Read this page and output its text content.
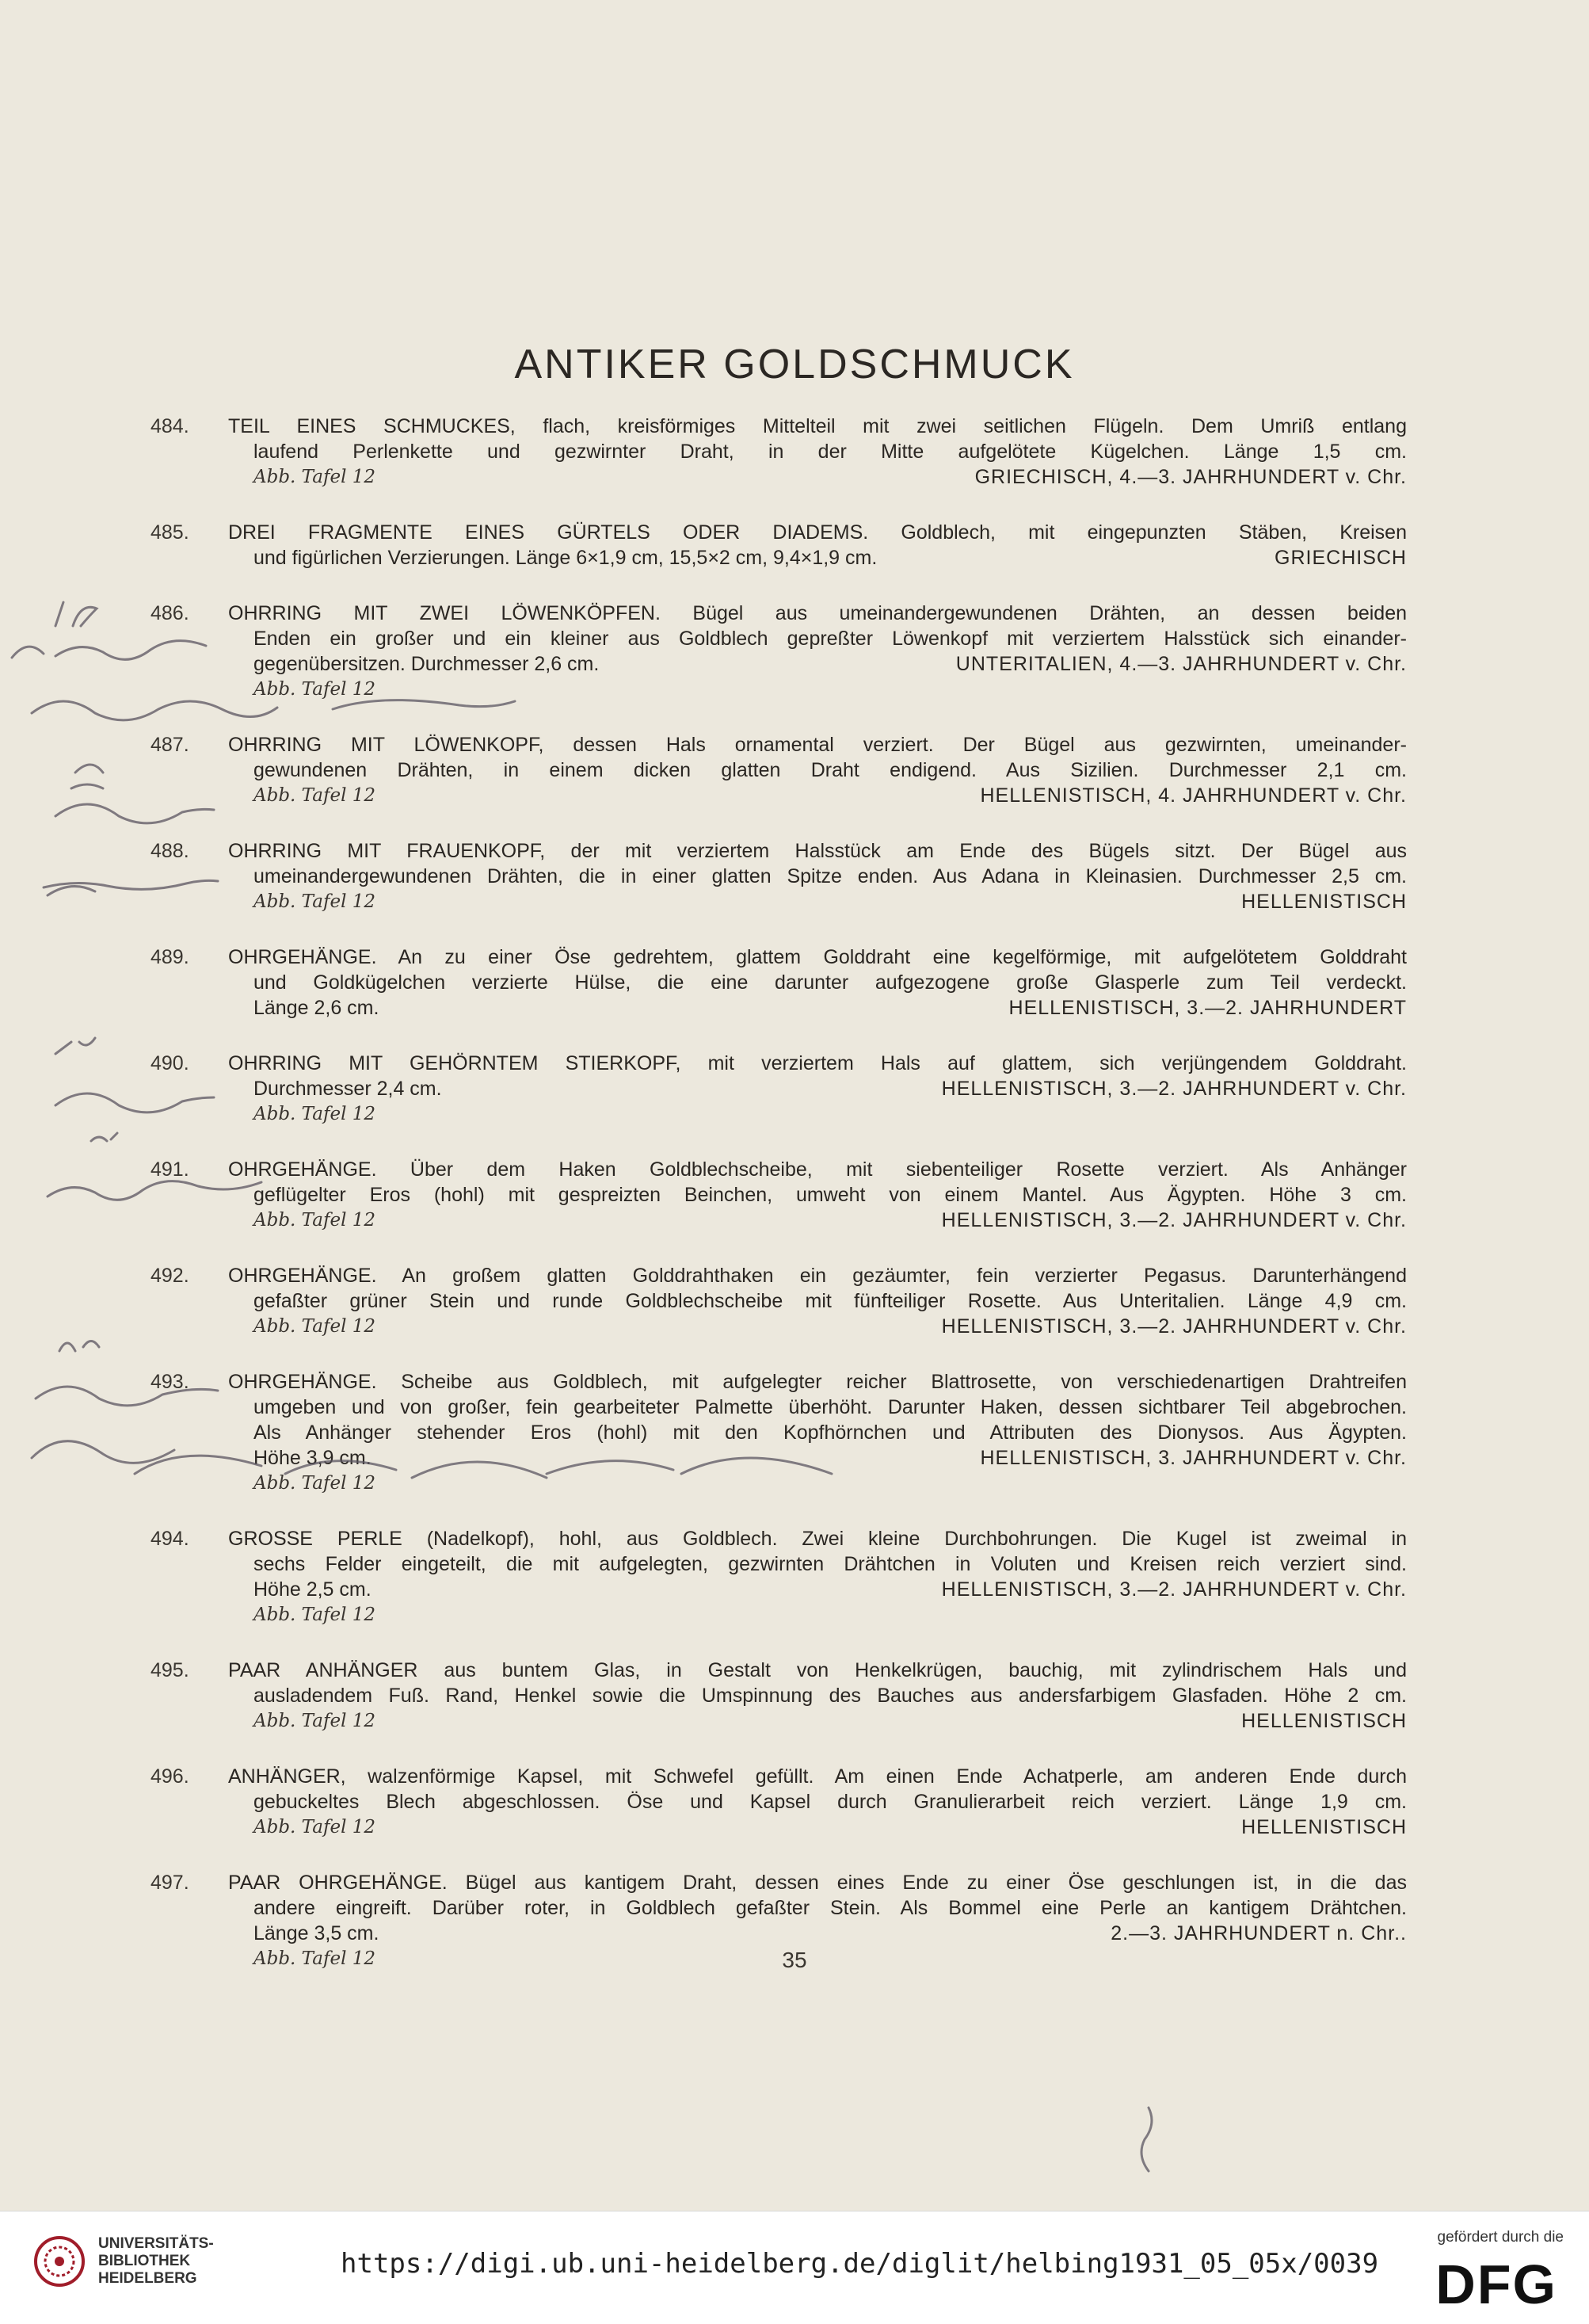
ANTIKER GOLDSCHMUCK
484.	TEIL EINES SCHMUCKES, flach, kreisförmiges Mittelteil mit zwei seitlichen Flügeln. Dem Umriß entlang
laufend Perlenkette und gezwirnter Draht, in der Mitte aufgelötete Kügelchen. Länge 1,5 cm.
Abb. Tafel 12	GRIECHISCH, 4.—3. JAHRHUNDERT v. Chr.
485.	DREI FRAGMENTE EINES GÜRTELS ODER DIADEMS. Goldblech, mit eingepunzten Stäben, Kreisen
und figürlichen Verzierungen. Länge 6×1,9 cm, 15,5×2 cm, 9,4×1,9 cm.	GRIECHISCH
486.	OHRRING MIT ZWEI LÖWENKÖPFEN. Bügel aus umeinandergewundenen Drähten, an dessen beiden
Enden ein großer und ein kleiner aus Goldblech gepreßter Löwenkopf mit verziertem Halsstück sich einander-
gegenübersitzen. Durchmesser 2,6 cm.	UNTERITALIEN, 4.—3. JAHRHUNDERT v. Chr.
Abb. Tafel 12
487.	OHRRING MIT LÖWENKOPF, dessen Hals ornamental verziert. Der Bügel aus gezwirnten, umeinander-
gewundenen Drähten, in einem dicken glatten Draht endigend. Aus Sizilien. Durchmesser 2,1 cm.
Abb. Tafel 12	HELLENISTISCH, 4. JAHRHUNDERT v. Chr.
488.	OHRRING MIT FRAUENKOPF, der mit verziertem Halsstück am Ende des Bügels sitzt. Der Bügel aus
umeinandergewundenen Drähten, die in einer glatten Spitze enden. Aus Adana in Kleinasien. Durchmesser 2,5 cm.
Abb. Tafel 12	HELLENISTISCH
489.	OHRGEHÄNGE. An zu einer Öse gedrehtem, glattem Golddraht eine kegelförmige, mit aufgelötetem Golddraht
und Goldkügelchen verzierte Hülse, die eine darunter aufgezogene große Glasperle zum Teil verdeckt.
Länge 2,6 cm.	HELLENISTISCH, 3.—2. JAHRHUNDERT
490.	OHRRING MIT GEHÖRNTEM STIERKOPF, mit verziertem Hals auf glattem, sich verjüngendem Golddraht.
Durchmesser 2,4 cm.	HELLENISTISCH, 3.—2. JAHRHUNDERT v. Chr.
Abb. Tafel 12
491.	OHRGEHÄNGE. Über dem Haken Goldblechscheibe, mit siebenteiliger Rosette verziert. Als Anhänger
geflügelter Eros (hohl) mit gespreizten Beinchen, umweht von einem Mantel. Aus Ägypten. Höhe 3 cm.
Abb. Tafel 12	HELLENISTISCH, 3.—2. JAHRHUNDERT v. Chr.
492.	OHRGEHÄNGE. An großem glatten Golddrahthaken ein gezäumter, fein verzierter Pegasus. Darunterhängend
gefaßter grüner Stein und runde Goldblechscheibe mit fünfteiliger Rosette. Aus Unteritalien. Länge 4,9 cm.
Abb. Tafel 12	HELLENISTISCH, 3.—2. JAHRHUNDERT v. Chr.
493.	OHRGEHÄNGE. Scheibe aus Goldblech, mit aufgelegter reicher Blattrosette, von verschiedenartigen Drahtreifen
umgeben und von großer, fein gearbeiteter Palmette überhöht. Darunter Haken, dessen sichtbarer Teil abgebrochen.
Als Anhänger stehender Eros (hohl) mit den Kopfhörnchen und Attributen des Dionysos. Aus Ägypten.
Höhe 3,9 cm.	HELLENISTISCH, 3. JAHRHUNDERT v. Chr.
Abb. Tafel 12
494.	GROSSE PERLE (Nadelkopf), hohl, aus Goldblech. Zwei kleine Durchbohrungen. Die Kugel ist zweimal in
sechs Felder eingeteilt, die mit aufgelegten, gezwirnten Drähtchen in Voluten und Kreisen reich verziert sind.
Höhe 2,5 cm.	HELLENISTISCH, 3.—2. JAHRHUNDERT v. Chr.
Abb. Tafel 12
495.	PAAR ANHÄNGER aus buntem Glas, in Gestalt von Henkelkrügen, bauchig, mit zylindrischem Hals und
ausladendem Fuß. Rand, Henkel sowie die Umspinnung des Bauches aus andersfarbigem Glasfaden. Höhe 2 cm.
Abb. Tafel 12	HELLENISTISCH
496.	ANHÄNGER, walzenförmige Kapsel, mit Schwefel gefüllt. Am einen Ende Achatperle, am anderen Ende durch
gebuckeltes Blech abgeschlossen. Öse und Kapsel durch Granulierarbeit reich verziert. Länge 1,9 cm.
Abb. Tafel 12	HELLENISTISCH
497.	PAAR OHRGEHÄNGE. Bügel aus kantigem Draht, dessen eines Ende zu einer Öse geschlungen ist, in die das
andere eingreift. Darüber roter, in Goldblech gefaßter Stein. Als Bommel eine Perle an kantigem Drähtchen.
Länge 3,5 cm.	2.—3. JAHRHUNDERT n. Chr..
Abb. Tafel 12	35
UNIVERSITÄTS-
BIBLIOTHEK
HEIDELBERG	https://digi.ub.uni-heidelberg.de/diglit/helbing1931_05_05x/0039
gefördert durch die
DFG
